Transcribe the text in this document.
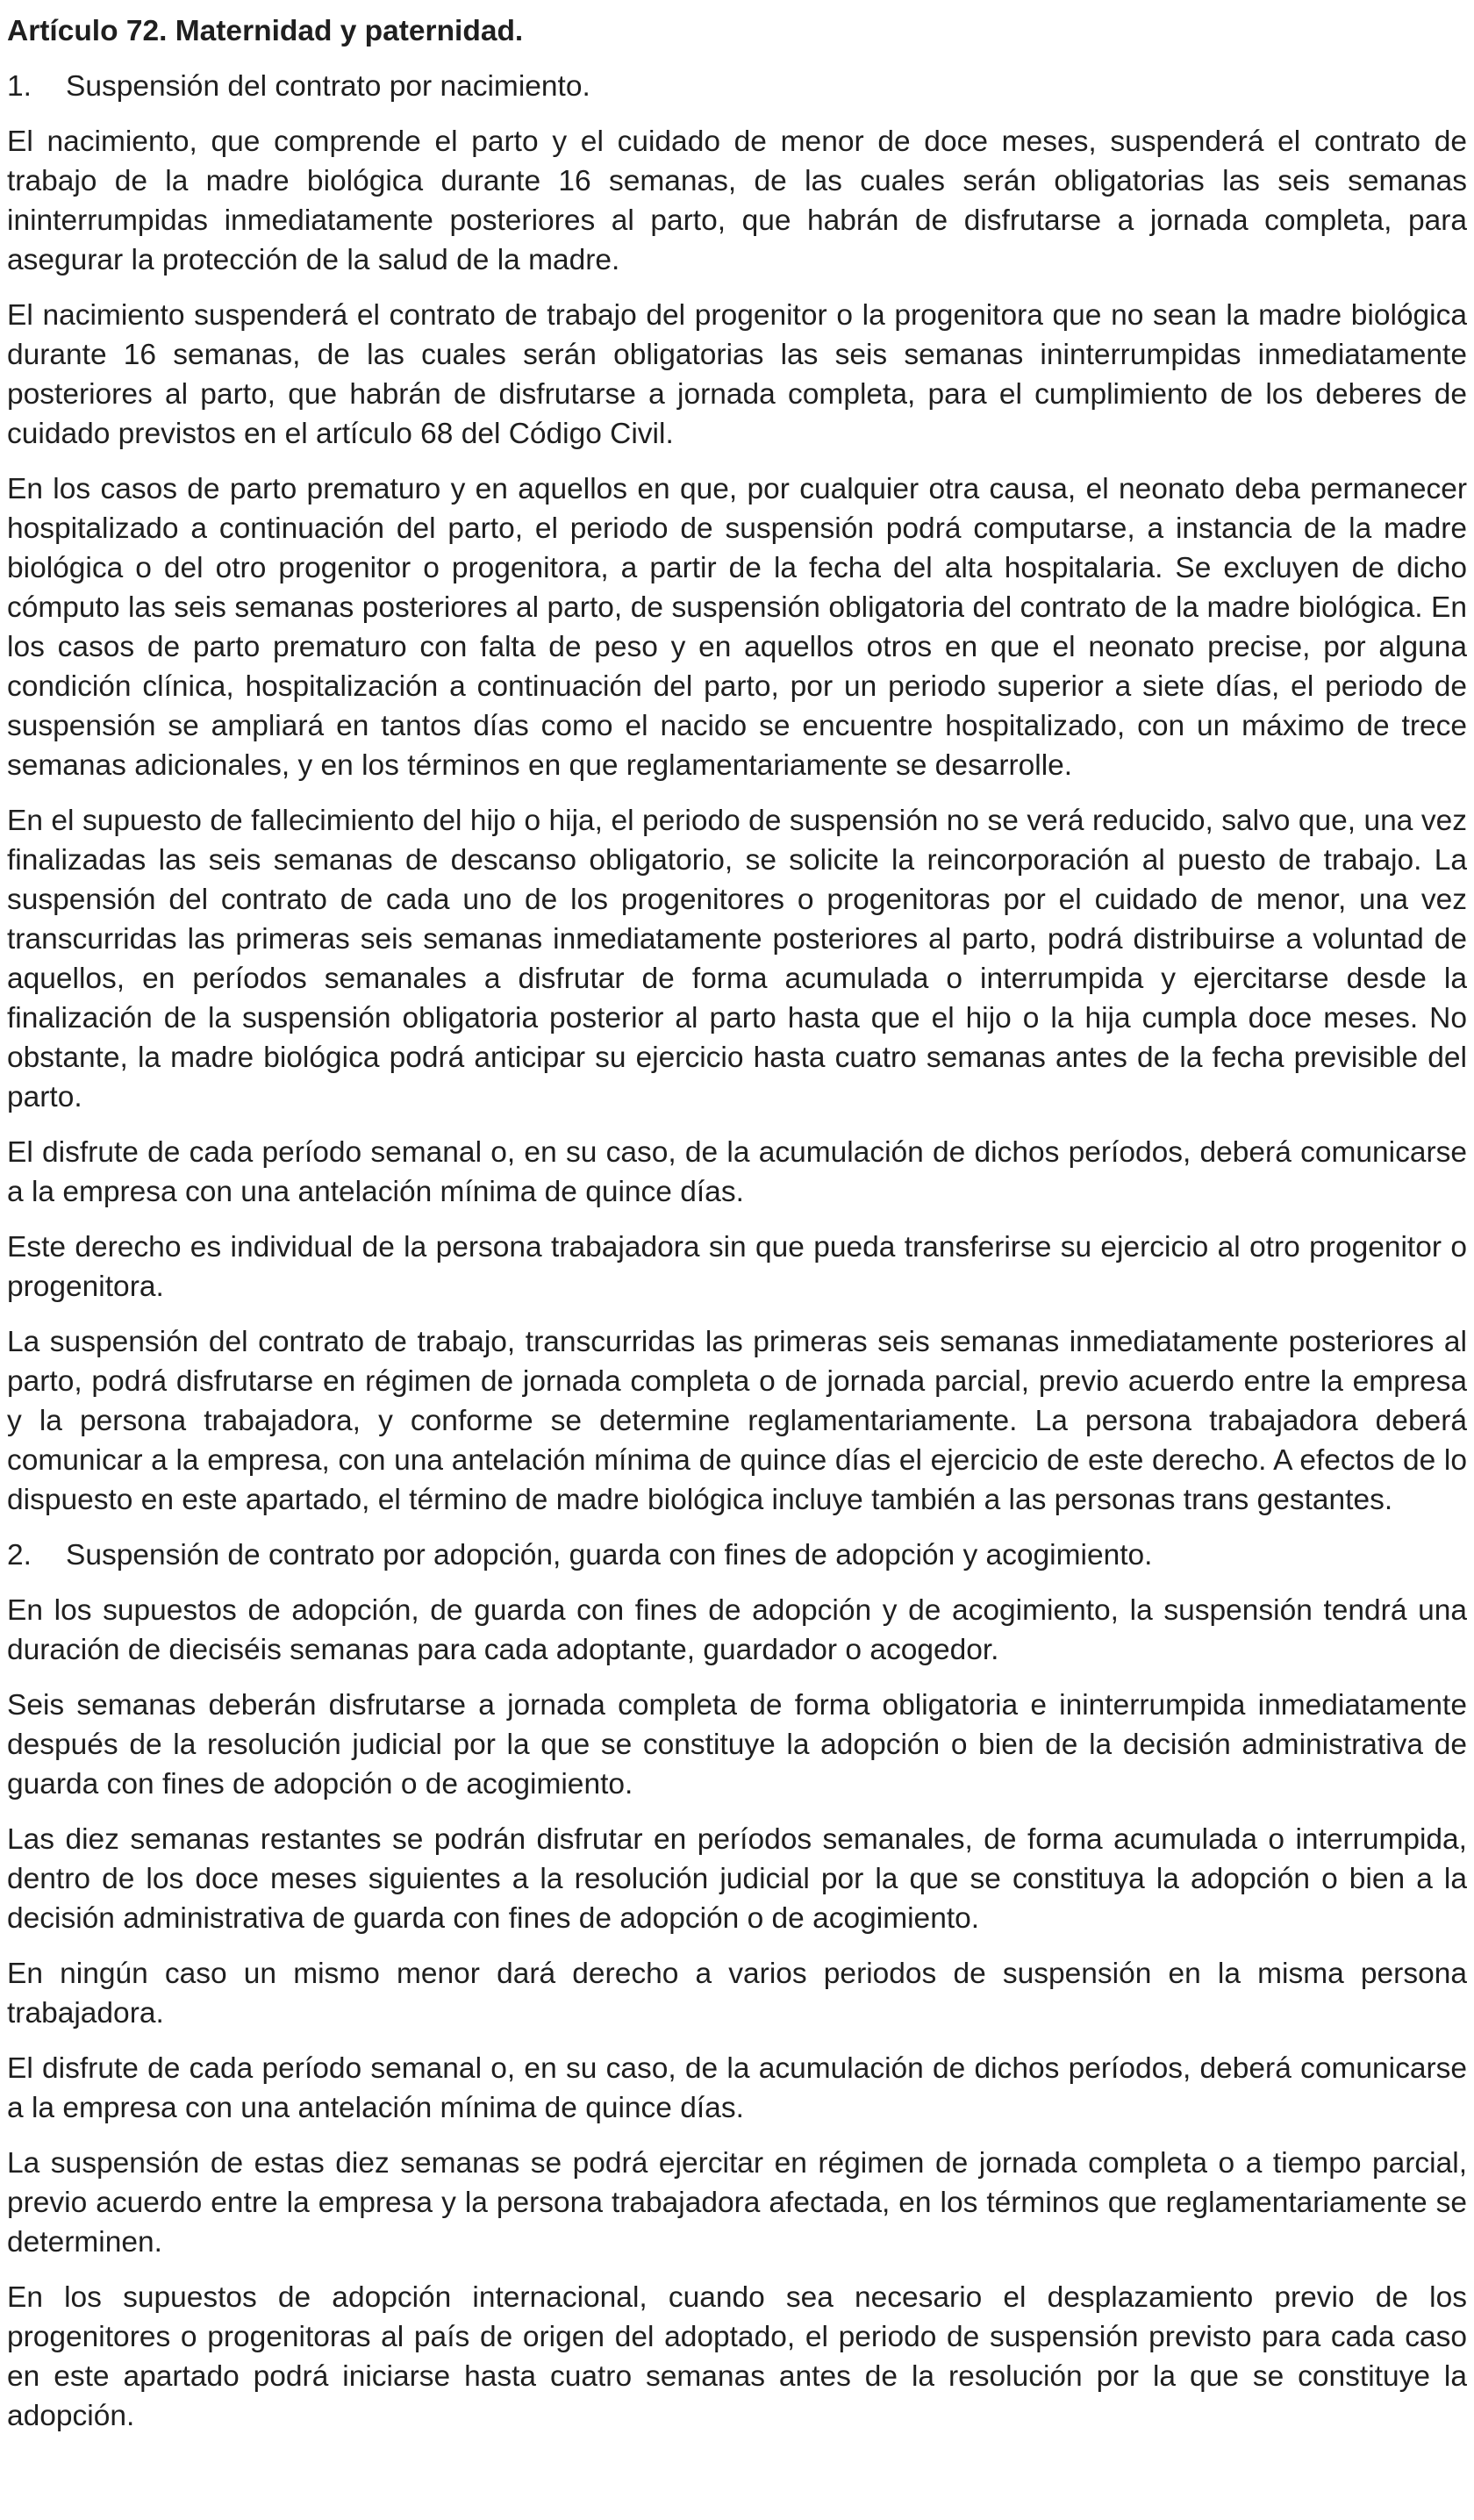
Artículo 72. Maternidad y paternidad.
1.	Suspensión del contrato por nacimiento.

El nacimiento, que comprende el parto y el cuidado de menor de doce meses, suspenderá el contrato de trabajo de la madre biológica durante 16 semanas, de las cuales serán obligatorias las seis semanas ininterrumpidas inmediatamente posteriores al parto, que habrán de disfrutarse a jornada completa, para asegurar la protección de la salud de la madre.

El nacimiento suspenderá el contrato de trabajo del progenitor o la progenitora que no sean la madre biológica durante 16 semanas, de las cuales serán obligatorias las seis semanas ininterrumpidas inmediatamente posteriores al parto, que habrán de disfrutarse a jornada completa, para el cumplimiento de los deberes de cuidado previstos en el artículo 68 del Código Civil.

En los casos de parto prematuro y en aquellos en que, por cualquier otra causa, el neonato deba permanecer hospitalizado a continuación del parto, el periodo de suspensión podrá computarse, a instancia de la madre biológica o del otro progenitor o progenitora, a partir de la fecha del alta hospitalaria. Se excluyen de dicho cómputo las seis semanas posteriores al parto, de suspensión obligatoria del contrato de la madre biológica. En los casos de parto prematuro con falta de peso y en aquellos otros en que el neonato precise, por alguna condición clínica, hospitalización a continuación del parto, por un periodo superior a siete días, el periodo de suspensión se ampliará en tantos días como el nacido se encuentre hospitalizado, con un máximo de trece semanas adicionales, y en los términos en que reglamentariamente se desarrolle.

En el supuesto de fallecimiento del hijo o hija, el periodo de suspensión no se verá reducido, salvo que, una vez finalizadas las seis semanas de descanso obligatorio, se solicite la reincorporación al puesto de trabajo. La suspensión del contrato de cada uno de los progenitores o progenitoras por el cuidado de menor, una vez transcurridas las primeras seis semanas inmediatamente posteriores al parto, podrá distribuirse a voluntad de aquellos, en períodos semanales a disfrutar de forma acumulada o interrumpida y ejercitarse desde la finalización de la suspensión obligatoria posterior al parto hasta que el hijo o la hija cumpla doce meses. No obstante, la madre biológica podrá anticipar su ejercicio hasta cuatro semanas antes de la fecha previsible del parto.

El disfrute de cada período semanal o, en su caso, de la acumulación de dichos períodos, deberá comunicarse a la empresa con una antelación mínima de quince días.

Este derecho es individual de la persona trabajadora sin que pueda transferirse su ejercicio al otro progenitor o progenitora.

La suspensión del contrato de trabajo, transcurridas las primeras seis semanas inmediatamente posteriores al parto, podrá disfrutarse en régimen de jornada completa o de jornada parcial, previo acuerdo entre la empresa y la persona trabajadora, y conforme se determine reglamentariamente. La persona trabajadora deberá comunicar a la empresa, con una antelación mínima de quince días el ejercicio de este derecho. A efectos de lo dispuesto en este apartado, el término de madre biológica incluye también a las personas trans gestantes.

2.	Suspensión de contrato por adopción, guarda con fines de adopción y acogimiento.

En los supuestos de adopción, de guarda con fines de adopción y de acogimiento, la suspensión tendrá una duración de dieciséis semanas para cada adoptante, guardador o acogedor.

Seis semanas deberán disfrutarse a jornada completa de forma obligatoria e ininterrumpida inmediatamente después de la resolución judicial por la que se constituye la adopción o bien de la decisión administrativa de guarda con fines de adopción o de acogimiento.

Las diez semanas restantes se podrán disfrutar en períodos semanales, de forma acumulada o interrumpida, dentro de los doce meses siguientes a la resolución judicial por la que se constituya la adopción o bien a la decisión administrativa de guarda con fines de adopción o de acogimiento.

En ningún caso un mismo menor dará derecho a varios periodos de suspensión en la misma persona trabajadora.

El disfrute de cada período semanal o, en su caso, de la acumulación de dichos períodos, deberá comunicarse a la empresa con una antelación mínima de quince días.

La suspensión de estas diez semanas se podrá ejercitar en régimen de jornada completa o a tiempo parcial, previo acuerdo entre la empresa y la persona trabajadora afectada, en los términos que reglamentariamente se determinen.

En los supuestos de adopción internacional, cuando sea necesario el desplazamiento previo de los progenitores o progenitoras al país de origen del adoptado, el periodo de suspensión previsto para cada caso en este apartado podrá iniciarse hasta cuatro semanas antes de la resolución por la que se constituye la adopción.
